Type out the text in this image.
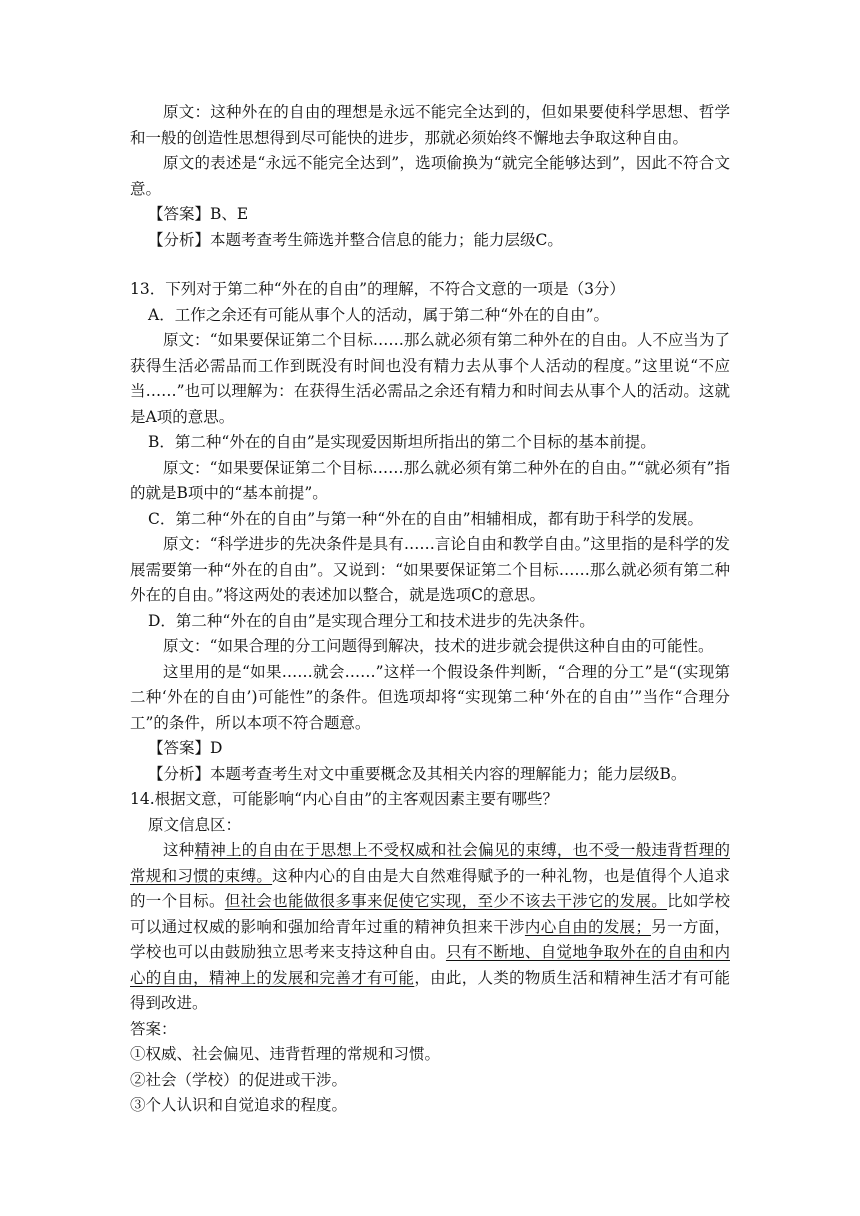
原文：这种外在的自由的理想是永远不能完全达到的，但如果要使科学思想、哲学和一般的创造性思想得到尽可能快的进步，那就必须始终不懈地去争取这种自由。

原文的表述是“永远不能完全达到”，选项偷换为“就完全能够达到”，因此不符合文意。

【答案】B、E

【分析】本题考查考生筛选并整合信息的能力；能力层级C。

13．下列对于第二种“外在的自由”的理解，不符合文意的一项是（3分）

A．工作之余还有可能从事个人的活动，属于第二种“外在的自由”。

原文：“如果要保证第二个目标……那么就必须有第二种外在的自由。人不应当为了获得生活必需品而工作到既没有时间也没有精力去从事个人活动的程度。”这里说“不应当……”也可以理解为：在获得生活必需品之余还有精力和时间去从事个人的活动。这就是A项的意思。

B．第二种“外在的自由”是实现爱因斯坦所指出的第二个目标的基本前提。

原文：“如果要保证第二个目标……那么就必须有第二种外在的自由。”“就必须有”指的就是B项中的“基本前提”。

C．第二种“外在的自由”与第一种“外在的自由”相辅相成，都有助于科学的发展。

原文：“科学进步的先决条件是具有……言论自由和教学自由。”这里指的是科学的发展需要第一种“外在的自由”。又说到：“如果要保证第二个目标……那么就必须有第二种外在的自由。”将这两处的表述加以整合，就是选项C的意思。

D．第二种“外在的自由”是实现合理分工和技术进步的先决条件。

原文：“如果合理的分工问题得到解决，技术的进步就会提供这种自由的可能性。

这里用的是“如果……就会……”这样一个假设条件判断，“合理的分工”是“(实现第二种‘外在的自由’)可能性”的条件。但选项却将“实现第二种‘外在的自由’”当作“合理分工”的条件，所以本项不符合题意。

【答案】D

【分析】本题考查考生对文中重要概念及其相关内容的理解能力；能力层级B。

14.根据文意，可能影响“内心自由”的主客观因素主要有哪些？

原文信息区：

这种精神上的自由在于思想上不受权威和社会偏见的束缚，也不受一般违背哲理的常规和习惯的束缚。这种内心的自由是大自然难得赋予的一种礼物，也是值得个人追求的一个目标。但社会也能做很多事来促使它实现，至少不该去干涉它的发展。比如学校可以通过权威的影响和强加给青年过重的精神负担来干涉内心自由的发展；另一方面，学校也可以由鼓励独立思考来支持这种自由。只有不断地、自觉地争取外在的自由和内心的自由，精神上的发展和完善才有可能，由此，人类的物质生活和精神生活才有可能得到改进。

答案：

①权威、社会偏见、违背哲理的常规和习惯。

②社会（学校）的促进或干涉。

③个人认识和自觉追求的程度。
